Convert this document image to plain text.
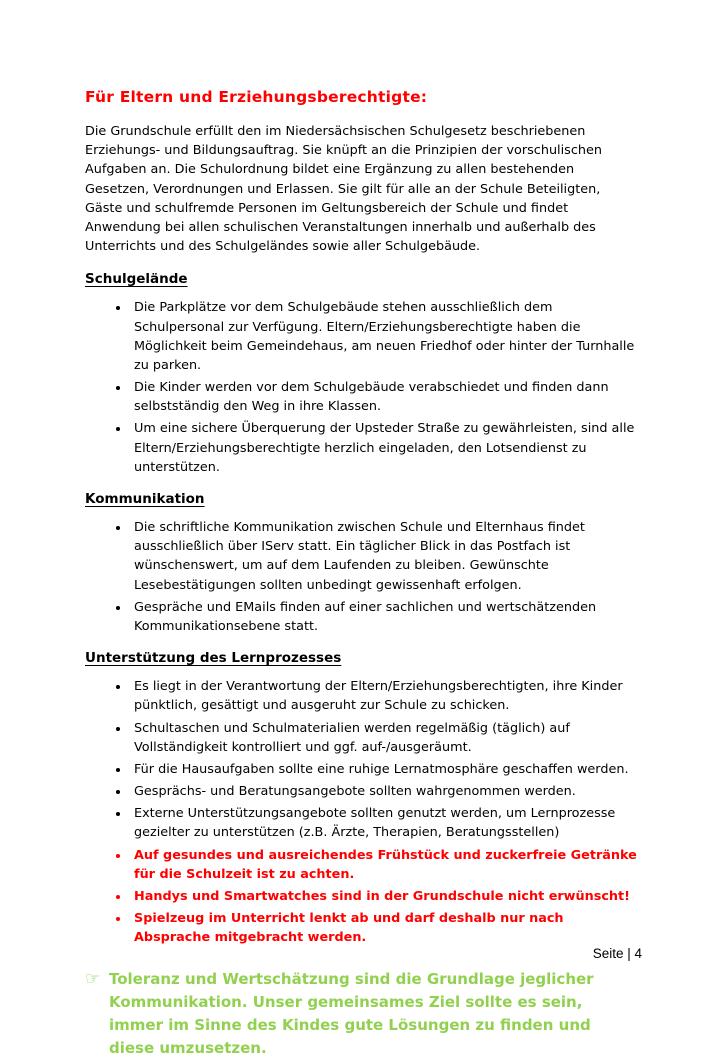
Für Eltern und Erziehungsberechtigte:

Die Grundschule erfüllt den im Niedersächsischen Schulgesetz beschriebenen Erziehungs- und Bildungsauftrag. Sie knüpft an die Prinzipien der vorschulischen Aufgaben an. Die Schulordnung bildet eine Ergänzung zu allen bestehenden Gesetzen, Verordnungen und Erlassen. Sie gilt für alle an der Schule Beteiligten, Gäste und schulfremde Personen im Geltungsbereich der Schule und findet Anwendung bei allen schulischen Veranstaltungen innerhalb und außerhalb des Unterrichts und des Schulgeländes sowie aller Schulgebäude.

Schulgelände
• Die Parkplätze vor dem Schulgebäude stehen ausschließlich dem Schulpersonal zur Verfügung. Eltern/Erziehungsberechtigte haben die Möglichkeit beim Gemeindehaus, am neuen Friedhof oder hinter der Turnhalle zu parken.
• Die Kinder werden vor dem Schulgebäude verabschiedet und finden dann selbstständig den Weg in ihre Klassen.
• Um eine sichere Überquerung der Upsteder Straße zu gewährleisten, sind alle Eltern/Erziehungsberechtigte herzlich eingeladen, den Lotsendienst zu unterstützen.
Kommunikation
• Die schriftliche Kommunikation zwischen Schule und Elternhaus findet ausschließlich über IServ statt. Ein täglicher Blick in das Postfach ist wünschenswert, um auf dem Laufenden zu bleiben. Gewünschte Lesebestätigungen sollten unbedingt gewissenhaft erfolgen.
• Gespräche und EMails finden auf einer sachlichen und wertschätzenden Kommunikationsebene statt.
Unterstützung des Lernprozesses
• Es liegt in der Verantwortung der Eltern/Erziehungsberechtigten, ihre Kinder pünktlich, gesättigt und ausgeruht zur Schule zu schicken.
• Schultaschen und Schulmaterialien werden regelmäßig (täglich) auf Vollständigkeit kontrolliert und ggf. auf-/ausgeräumt.
• Für die Hausaufgaben sollte eine ruhige Lernatmosphäre geschaffen werden.
• Gesprächs- und Beratungsangebote sollten wahrgenommen werden.
• Externe Unterstützungsangebote sollten genutzt werden, um Lernprozesse gezielter zu unterstützen (z.B. Ärzte, Therapien, Beratungsstellen)
• Auf gesundes und ausreichendes Frühstück und zuckerfreie Getränke für die Schulzeit ist zu achten.
• Handys und Smartwatches sind in der Grundschule nicht erwünscht!
• Spielzeug im Unterricht lenkt ab und darf deshalb nur nach Absprache mitgebracht werden.
☞ Toleranz und Wertschätzung sind die Grundlage jeglicher Kommunikation. Unser gemeinsames Ziel sollte es sein, immer im Sinne des Kindes gute Lösungen zu finden und diese umzusetzen.
Seite | 4
